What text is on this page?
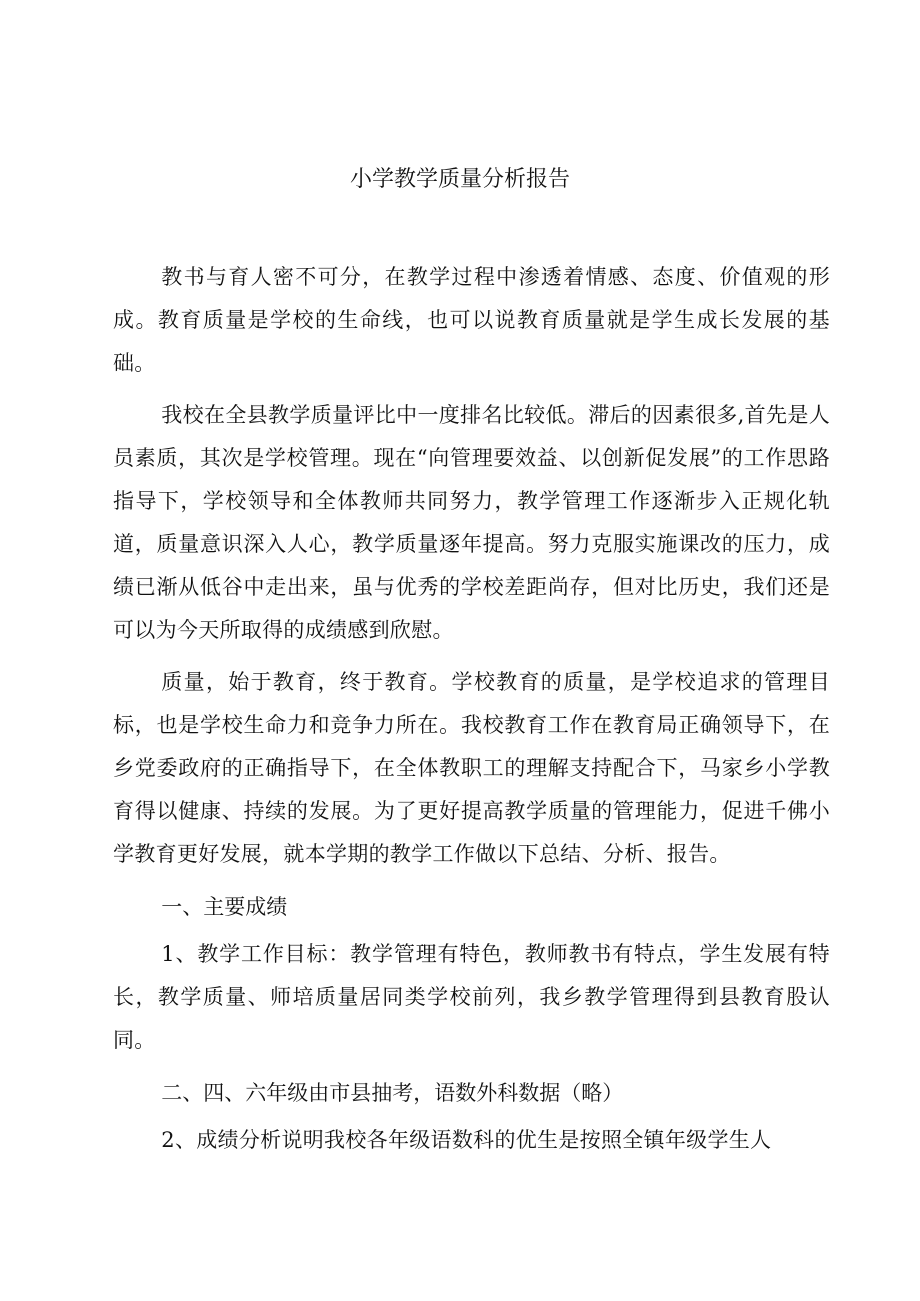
小学教学质量分析报告

教书与育人密不可分，在教学过程中渗透着情感、态度、价值观的形成。教育质量是学校的生命线，也可以说教育质量就是学生成长发展的基础。

我校在全县教学质量评比中一度排名比较低。滞后的因素很多,首先是人员素质，其次是学校管理。现在“向管理要效益、以创新促发展”的工作思路指导下，学校领导和全体教师共同努力，教学管理工作逐渐步入正规化轨道，质量意识深入人心，教学质量逐年提高。努力克服实施课改的压力，成绩已渐从低谷中走出来，虽与优秀的学校差距尚存，但对比历史，我们还是可以为今天所取得的成绩感到欣慰。

质量，始于教育，终于教育。学校教育的质量，是学校追求的管理目标，也是学校生命力和竞争力所在。我校教育工作在教育局正确领导下，在乡党委政府的正确指导下，在全体教职工的理解支持配合下，马家乡小学教育得以健康、持续的发展。为了更好提高教学质量的管理能力，促进千佛小学教育更好发展，就本学期的教学工作做以下总结、分析、报告。

一、主要成绩

1、教学工作目标：教学管理有特色，教师教书有特点，学生发展有特长，教学质量、师培质量居同类学校前列，我乡教学管理得到县教育股认同。

二、四、六年级由市县抽考，语数外科数据（略）

2、成绩分析说明我校各年级语数科的优生是按照全镇年级学生人
